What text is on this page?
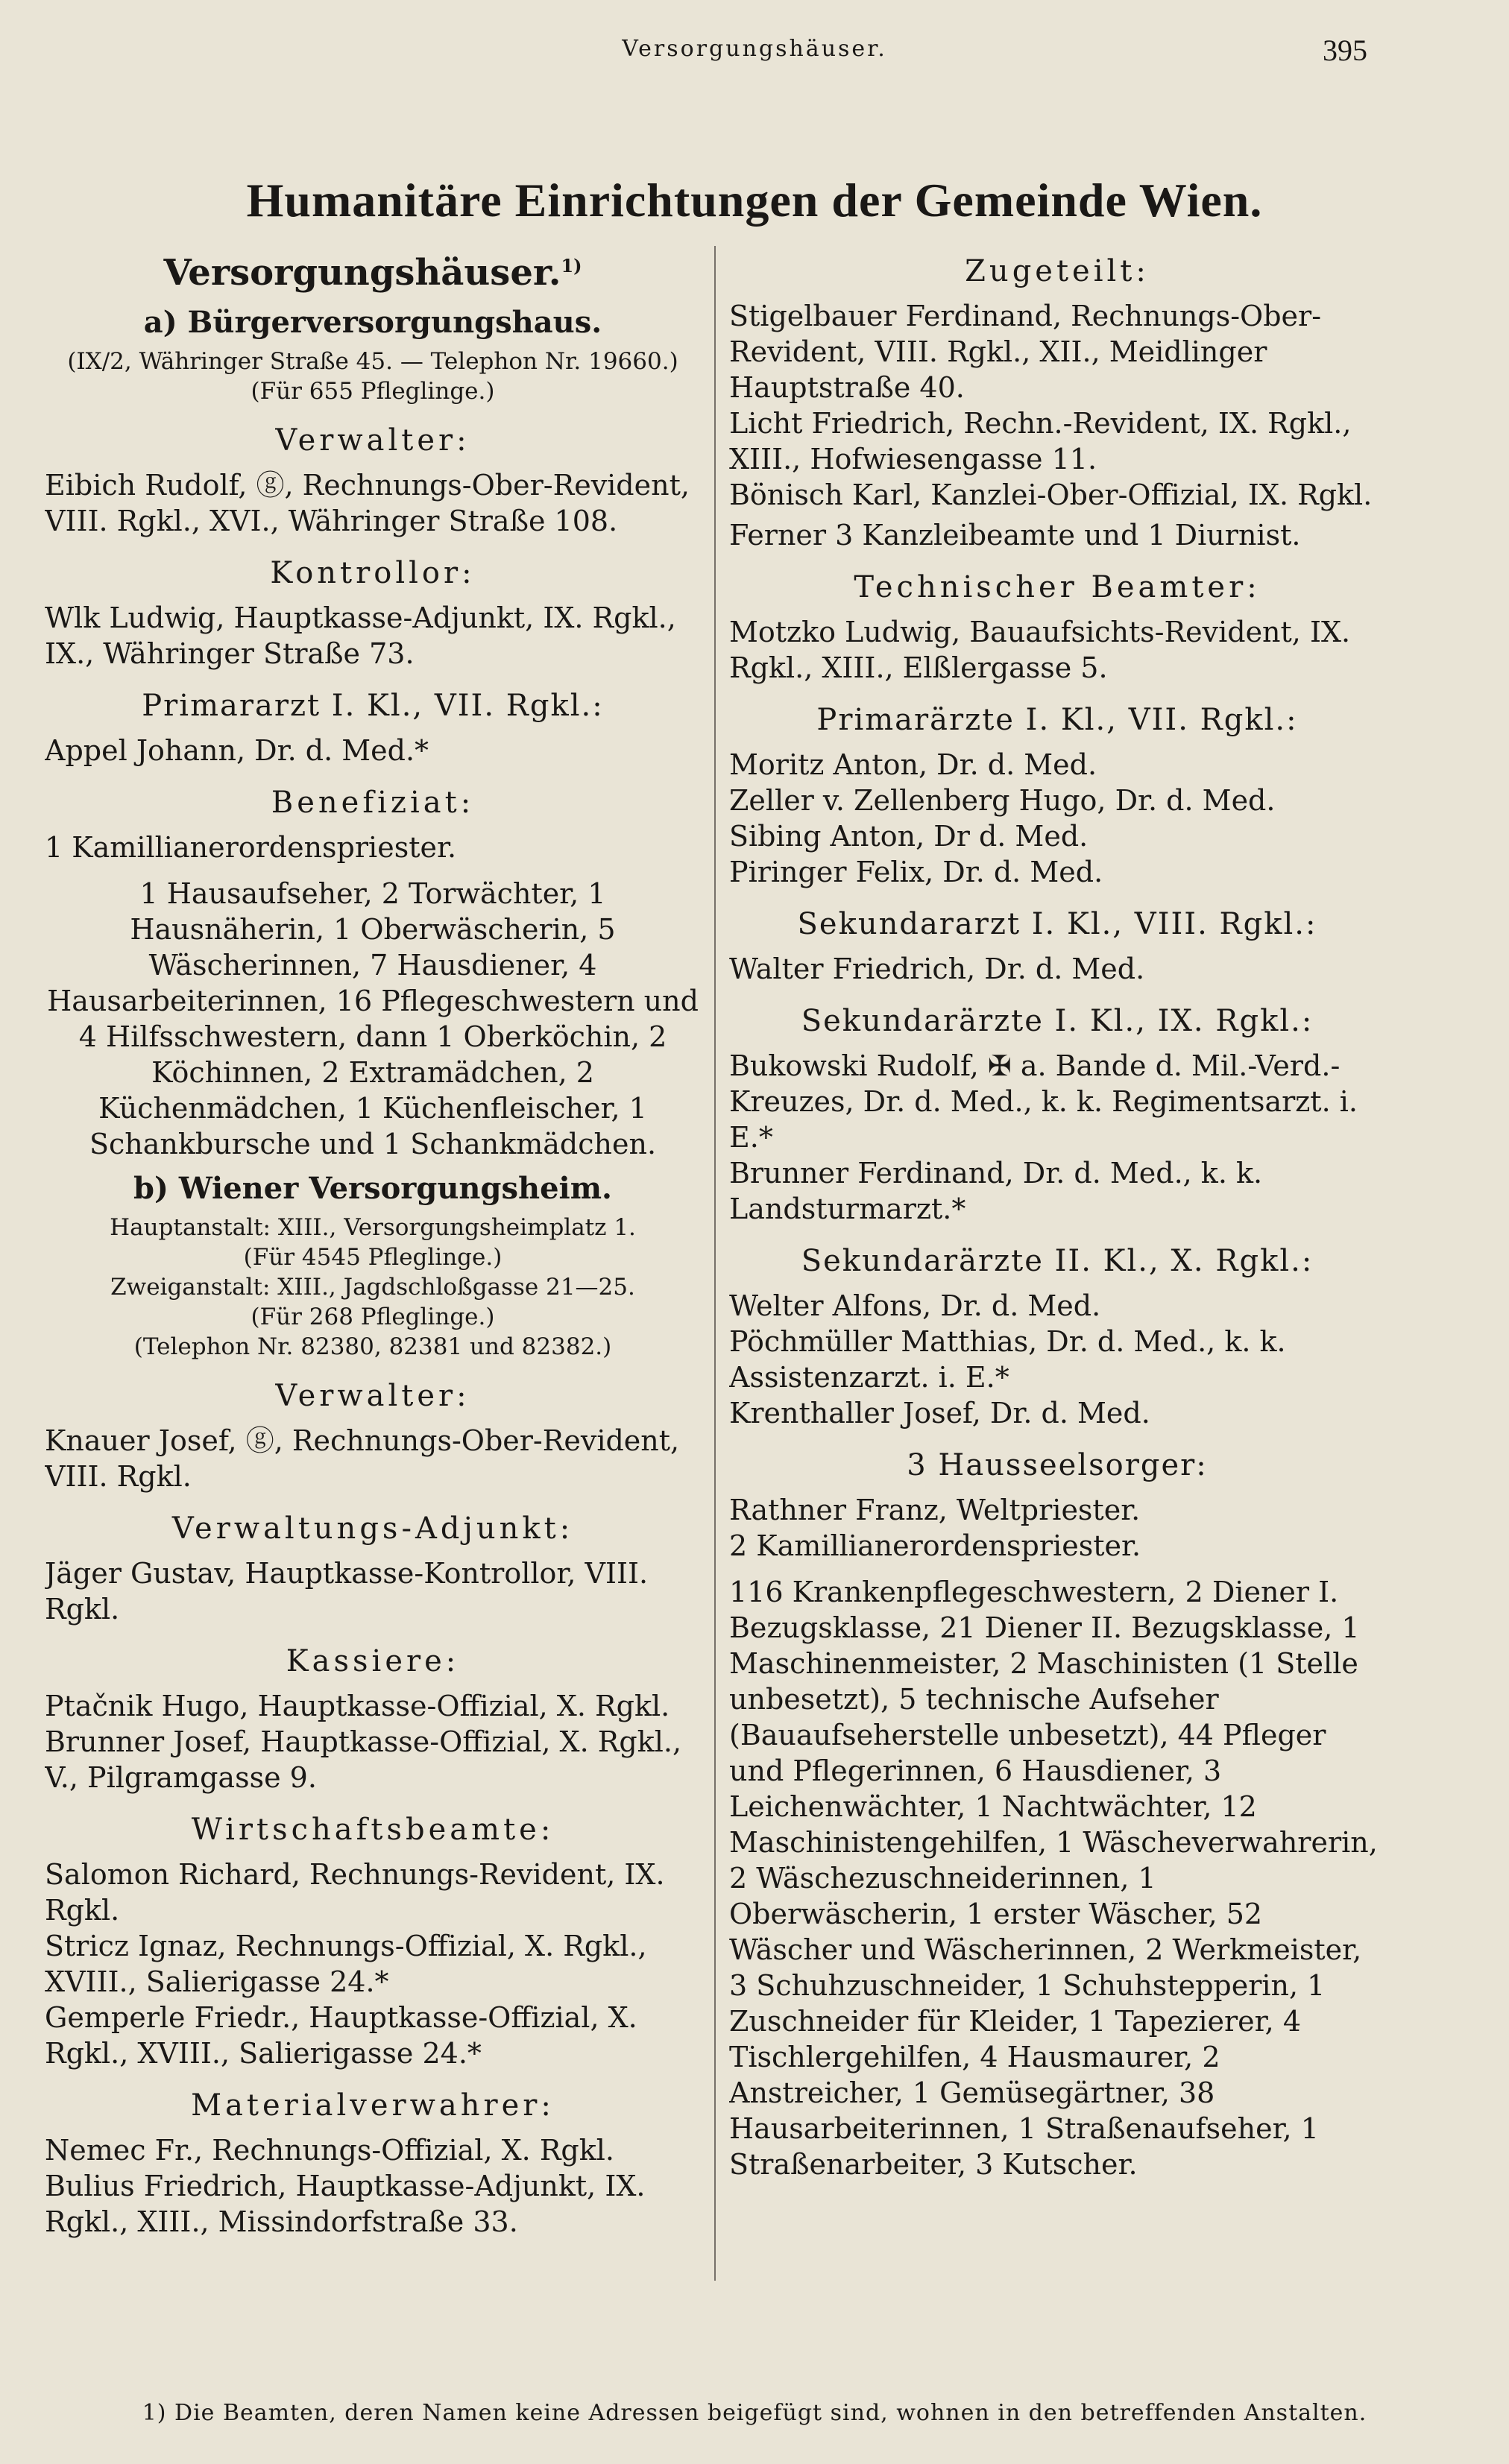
Versorgungshäuser.	395
Humanitäre Einrichtungen der Gemeinde Wien.
Versorgungshäuser.$^{1)}$
a) Bürgerversorgungshaus.
(IX/2, Währinger Straße 45. — Telephon Nr. 19660.)
(Für 655 Pfleglinge.)
Verwalter:

Eibich Rudolf, ⓖ, Rechnungs-Ober-Revident, VIII. Rgkl., XVI., Währinger Straße 108.

Kontrollor:

Wlk Ludwig, Hauptkasse-Adjunkt, IX. Rgkl., IX., Währinger Straße 73.

Primararzt I. Kl., VII. Rgkl.:

Appel Johann, Dr. d. Med.*

Benefiziat:

1 Kamillianerordenspriester.

1 Hausaufseher, 2 Torwächter, 1 Hausnäherin, 1 Oberwäscherin, 5 Wäscherinnen, 7 Hausdiener, 4 Hausarbeiterinnen, 16 Pflegeschwestern und 4 Hilfsschwestern, dann 1 Oberköchin, 2 Köchinnen, 2 Extramädchen, 2 Küchenmädchen, 1 Küchenfleischer, 1 Schankbursche und 1 Schankmädchen.

b) Wiener Versorgungsheim.
Hauptanstalt: XIII., Versorgungsheimplatz 1.
(Für 4545 Pfleglinge.)
Zweiganstalt: XIII., Jagdschloßgasse 21—25.
(Für 268 Pfleglinge.)
(Telephon Nr. 82380, 82381 und 82382.)
Verwalter:

Knauer Josef, ⓖ, Rechnungs-Ober-Revident, VIII. Rgkl.

Verwaltungs-Adjunkt:

Jäger Gustav, Hauptkasse-Kontrollor, VIII. Rgkl.

Kassiere:

Ptačnik Hugo, Hauptkasse-Offizial, X. Rgkl.

Brunner Josef, Hauptkasse-Offizial, X. Rgkl., V., Pilgramgasse 9.

Wirtschaftsbeamte:

Salomon Richard, Rechnungs-Revident, IX. Rgkl.

Stricz Ignaz, Rechnungs-Offizial, X. Rgkl., XVIII., Salierigasse 24.*

Gemperle Friedr., Hauptkasse-Offizial, X. Rgkl., XVIII., Salierigasse 24.*

Materialverwahrer:

Nemec Fr., Rechnungs-Offizial, X. Rgkl.

Bulius Friedrich, Hauptkasse-Adjunkt, IX. Rgkl., XIII., Missindorfstraße 33.

Zugeteilt:

Stigelbauer Ferdinand, Rechnungs-Ober-Revident, VIII. Rgkl., XII., Meidlinger Hauptstraße 40.

Licht Friedrich, Rechn.-Revident, IX. Rgkl., XIII., Hofwiesengasse 11.

Bönisch Karl, Kanzlei-Ober-Offizial, IX. Rgkl.

Ferner 3 Kanzleibeamte und 1 Diurnist.

Technischer Beamter:

Motzko Ludwig, Bauaufsichts-Revident, IX. Rgkl., XIII., Elßlergasse 5.

Primarärzte I. Kl., VII. Rgkl.:

Moritz Anton, Dr. d. Med.

Zeller v. Zellenberg Hugo, Dr. d. Med.

Sibing Anton, Dr d. Med.

Piringer Felix, Dr. d. Med.

Sekundararzt I. Kl., VIII. Rgkl.:

Walter Friedrich, Dr. d. Med.

Sekundarärzte I. Kl., IX. Rgkl.:

Bukowski Rudolf, ✠ a. Bande d. Mil.-Verd.-Kreuzes, Dr. d. Med., k. k. Regimentsarzt. i. E.*

Brunner Ferdinand, Dr. d. Med., k. k. Landsturmarzt.*

Sekundarärzte II. Kl., X. Rgkl.:

Welter Alfons, Dr. d. Med.

Pöchmüller Matthias, Dr. d. Med., k. k. Assistenzarzt. i. E.*

Krenthaller Josef, Dr. d. Med.

3 Hausseelsorger:

Rathner Franz, Weltpriester.

2 Kamillianerordenspriester.

116 Krankenpflegeschwestern, 2 Diener I. Bezugsklasse, 21 Diener II. Bezugsklasse, 1 Maschinenmeister, 2 Maschinisten (1 Stelle unbesetzt), 5 technische Aufseher (Bauaufseherstelle unbesetzt), 44 Pfleger und Pflegerinnen, 6 Hausdiener, 3 Leichenwächter, 1 Nachtwächter, 12 Maschinistengehilfen, 1 Wäscheverwahrerin, 2 Wäschezuschneiderinnen, 1 Oberwäscherin, 1 erster Wäscher, 52 Wäscher und Wäscherinnen, 2 Werkmeister, 3 Schuhzuschneider, 1 Schuhstepperin, 1 Zuschneider für Kleider, 1 Tapezierer, 4 Tischlergehilfen, 4 Hausmaurer, 2 Anstreicher, 1 Gemüsegärtner, 38 Hausarbeiterinnen, 1 Straßenaufseher, 1 Straßenarbeiter, 3 Kutscher.

1) Die Beamten, deren Namen keine Adressen beigefügt sind, wohnen in den betreffenden Anstalten.
